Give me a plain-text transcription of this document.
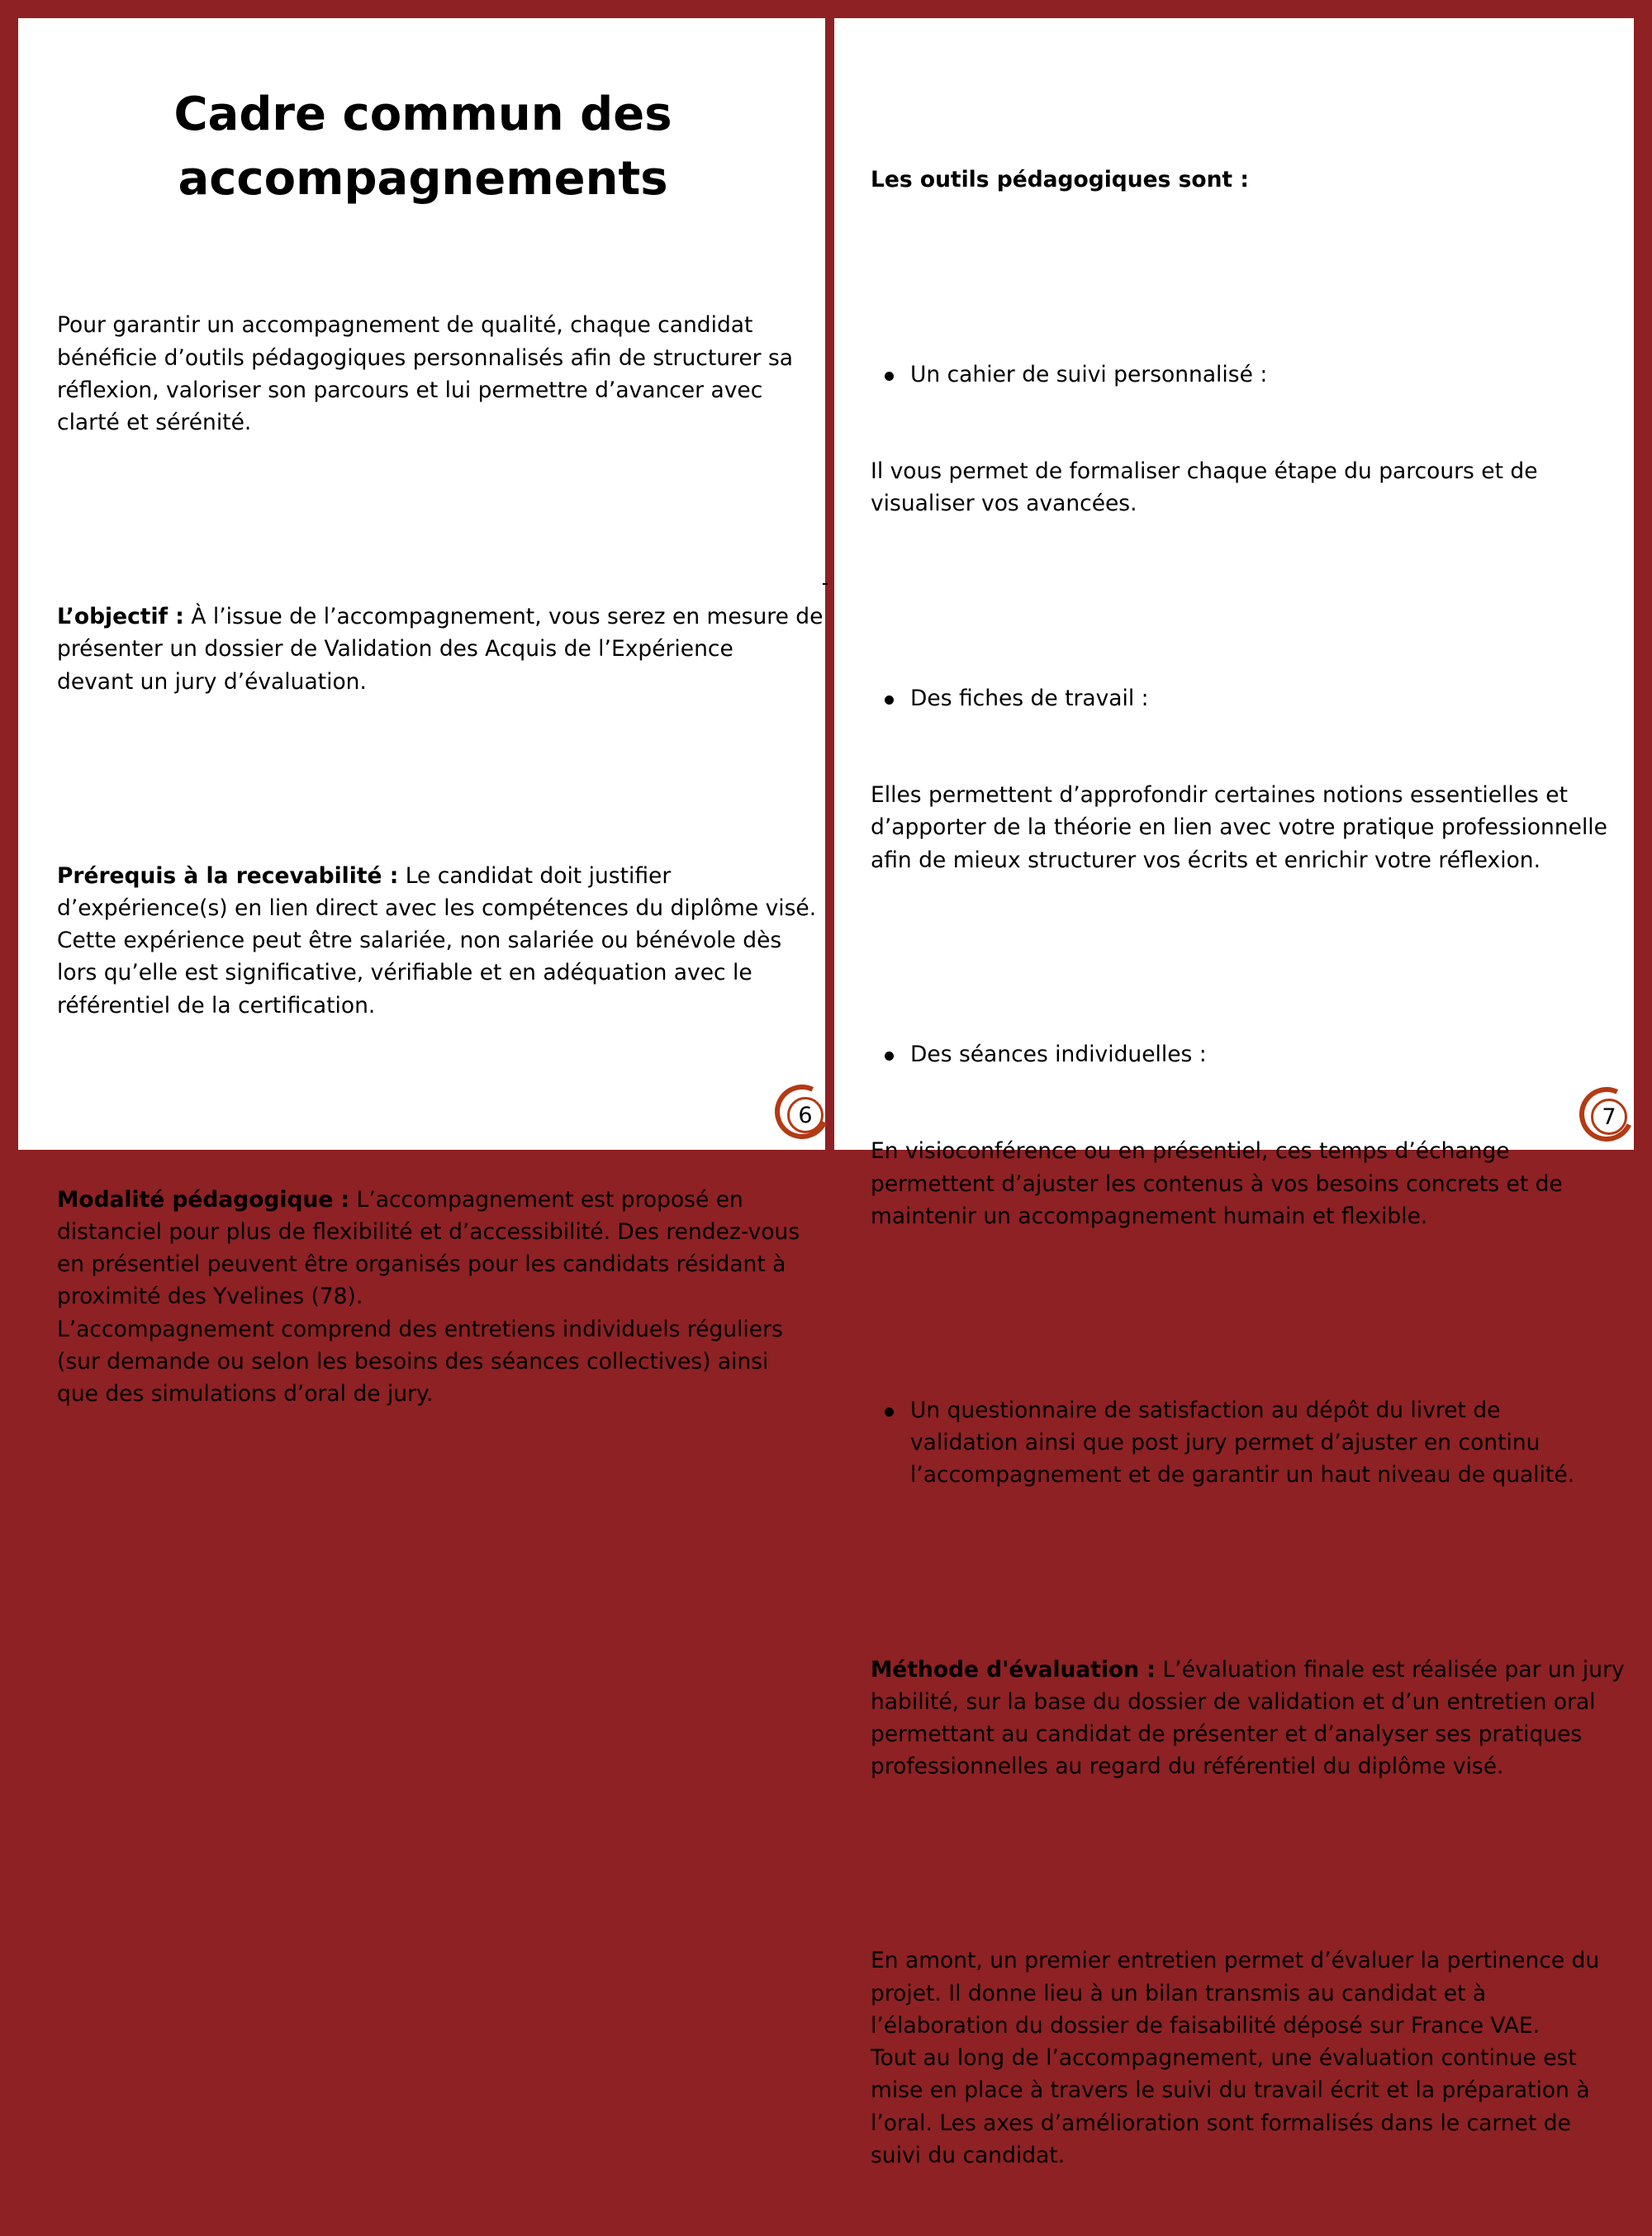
Cadre commun des
accompagnements

Pour garantir un accompagnement de qualité, chaque candidat
bénéficie d’outils pédagogiques personnalisés afin de structurer sa
réflexion, valoriser son parcours et lui permettre d’avancer avec
clarté et sérénité.

L’objectif : À l’issue de l’accompagnement, vous serez en mesure de
présenter un dossier de Validation des Acquis de l’Expérience
devant un jury d’évaluation.

Prérequis à la recevabilité : Le candidat doit justifier
d’expérience(s) en lien direct avec les compétences du diplôme visé.
Cette expérience peut être salariée, non salariée ou bénévole dès
lors qu’elle est significative, vérifiable et en adéquation avec le
référentiel de la certification.

Modalité pédagogique : L’accompagnement est proposé en
distanciel pour plus de flexibilité et d’accessibilité. Des rendez-vous
en présentiel peuvent être organisés pour les candidats résidant à
proximité des Yvelines (78).
L’accompagnement comprend des entretiens individuels réguliers
(sur demande ou selon les besoins des séances collectives) ainsi
que des simulations d’oral de jury.

Les outils pédagogiques sont :

Un cahier de suivi personnalisé :

Il vous permet de formaliser chaque étape du parcours et de
visualiser vos avancées.

Des fiches de travail :

Elles permettent d’approfondir certaines notions essentielles et
d’apporter de la théorie en lien avec votre pratique professionnelle
afin de mieux structurer vos écrits et enrichir votre réflexion.

Des séances individuelles :

En visioconférence ou en présentiel, ces temps d’échange
permettent d’ajuster les contenus à vos besoins concrets et de
maintenir un accompagnement humain et flexible.

Un questionnaire de satisfaction au dépôt du livret de
validation ainsi que post jury permet d’ajuster en continu
l’accompagnement et de garantir un haut niveau de qualité.

Méthode d'évaluation : L’évaluation finale est réalisée par un jury
habilité, sur la base du dossier de validation et d’un entretien oral
permettant au candidat de présenter et d’analyser ses pratiques
professionnelles au regard du référentiel du diplôme visé.

En amont, un premier entretien permet d’évaluer la pertinence du
projet. Il donne lieu à un bilan transmis au candidat et à
l’élaboration du dossier de faisabilité déposé sur France VAE.
Tout au long de l’accompagnement, une évaluation continue est
mise en place à travers le suivi du travail écrit et la préparation à
l’oral. Les axes d’amélioration sont formalisés dans le carnet de
suivi du candidat.

6	7
